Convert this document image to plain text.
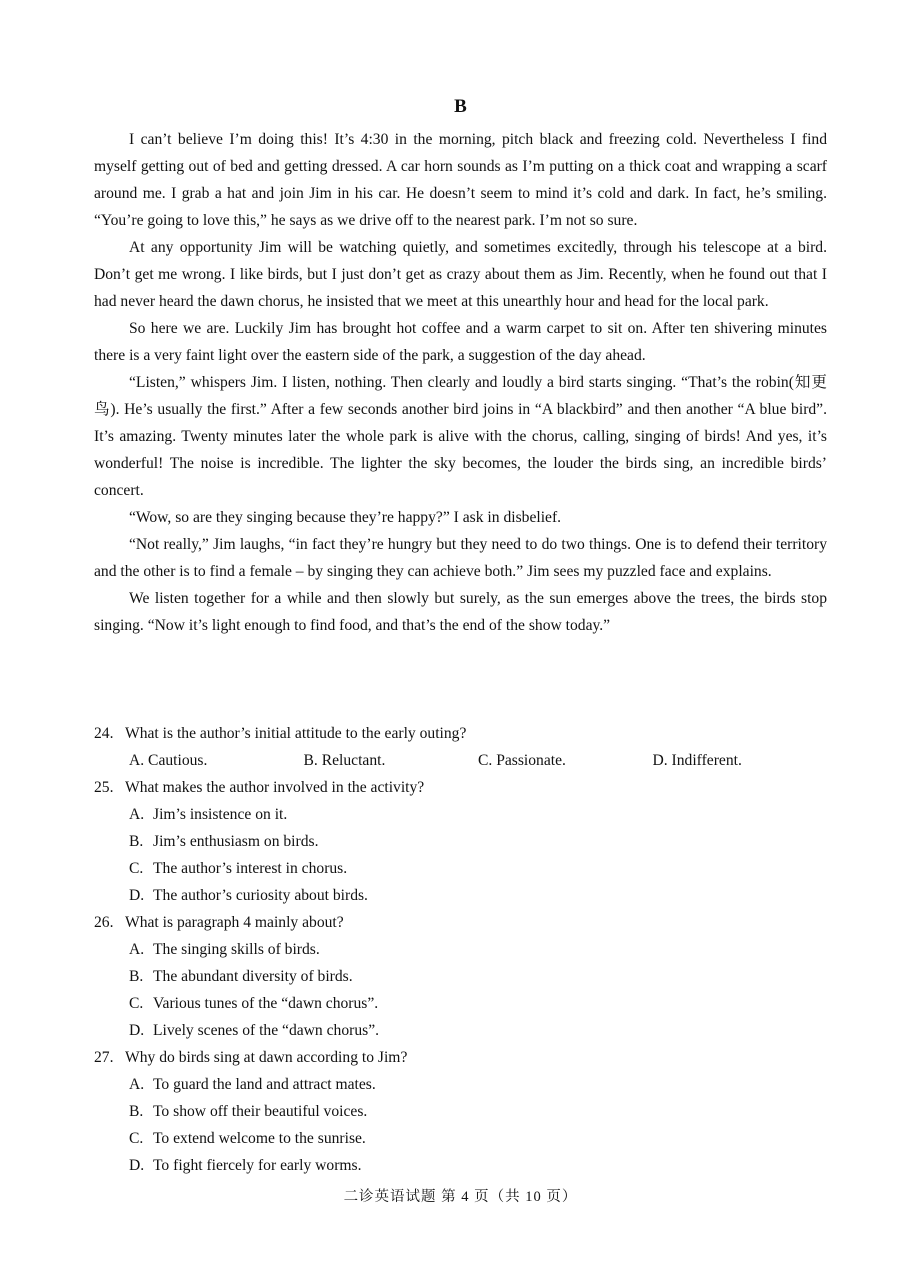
B

I can’t believe I’m doing this! It’s 4:30 in the morning, pitch black and freezing cold. Nevertheless I find myself getting out of bed and getting dressed. A car horn sounds as I’m putting on a thick coat and wrapping a scarf around me. I grab a hat and join Jim in his car. He doesn’t seem to mind it’s cold and dark. In fact, he’s smiling. “You’re going to love this,” he says as we drive off to the nearest park. I’m not so sure.

At any opportunity Jim will be watching quietly, and sometimes excitedly, through his telescope at a bird. Don’t get me wrong. I like birds, but I just don’t get as crazy about them as Jim. Recently, when he found out that I had never heard the dawn chorus, he insisted that we meet at this unearthly hour and head for the local park.

So here we are. Luckily Jim has brought hot coffee and a warm carpet to sit on. After ten shivering minutes there is a very faint light over the eastern side of the park, a suggestion of the day ahead.

“Listen,” whispers Jim. I listen, nothing. Then clearly and loudly a bird starts singing. “That’s the robin(知更鸟). He’s usually the first.” After a few seconds another bird joins in “A blackbird” and then another “A blue bird”. It’s amazing. Twenty minutes later the whole park is alive with the chorus, calling, singing of birds! And yes, it’s wonderful! The noise is incredible. The lighter the sky becomes, the louder the birds sing, an incredible birds’ concert.

“Wow, so are they singing because they’re happy?” I ask in disbelief.

“Not really,” Jim laughs, “in fact they’re hungry but they need to do two things. One is to defend their territory and the other is to find a female – by singing they can achieve both.” Jim sees my puzzled face and explains.

We listen together for a while and then slowly but surely, as the sun emerges above the trees, the birds stop singing. “Now it’s light enough to find food, and that’s the end of the show today.”

24. What is the author’s initial attitude to the early outing?

A. Cautious.	B. Reluctant.	C. Passionate.	D. Indifferent.

25. What makes the author involved in the activity?

A. Jim’s insistence on it.

B. Jim’s enthusiasm on birds.

C. The author’s interest in chorus.

D. The author’s curiosity about birds.

26. What is paragraph 4 mainly about?

A. The singing skills of birds.

B. The abundant diversity of birds.

C. Various tunes of the “dawn chorus”.

D. Lively scenes of the “dawn chorus”.

27. Why do birds sing at dawn according to Jim?

A. To guard the land and attract mates.

B. To show off their beautiful voices.

C. To extend welcome to the sunrise.

D. To fight fiercely for early worms.

二诊英语试题 第 4 页（共 10 页）
